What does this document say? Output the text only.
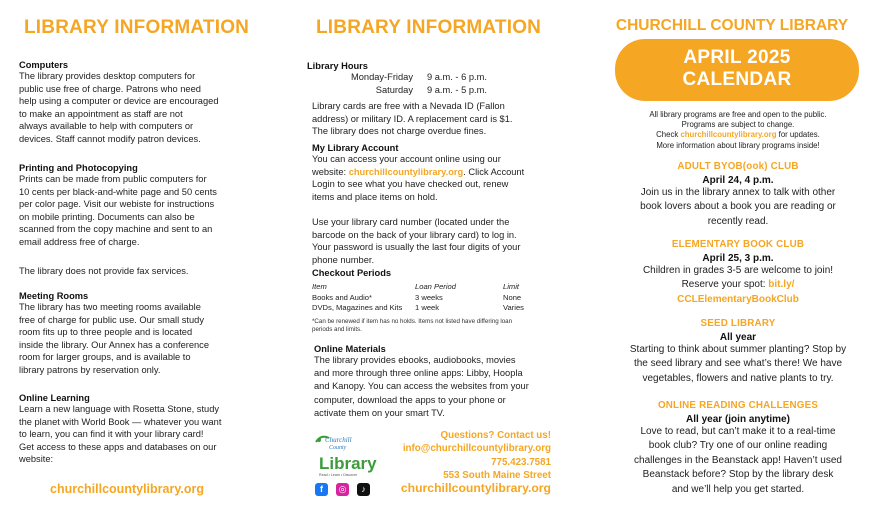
LIBRARY INFORMATION
Computers
The library provides desktop computers for
public use free of charge. Patrons who need
help using a computer or device are encouraged
to make an appointment as staff are not
always available to help with computers or
devices. Staff cannot modify patron devices.
Printing and Photocopying
Prints can be made from public computers for
10 cents per black-and-white page and 50 cents
per color page. Visit our webiste for instructions
on mobile printing. Documents can also be
scanned from the copy machine and sent to an
email address free of charge.
The library does not provide fax services.
Meeting Rooms
The library has two meeting rooms available
free of charge for public use. Our small study
room fits up to three people and is located
inside the library. Our Annex has a conference
room for larger groups, and is available to
library patrons by reservation only.
Online Learning
Learn a new language with Rosetta Stone, study
the planet with World Book — whatever you want
to learn, you can find it with your library card!
Get access to these apps and databases on our
website:
churchillcountylibrary.org
LIBRARY INFORMATION
Library Hours
Monday-Friday	9 a.m. - 6 p.m.
Saturday	9 a.m. - 5 p.m.
Library cards are free with a Nevada ID (Fallon
address) or military ID. A replacement card is $1.
The library does not charge overdue fines.
My Library Account
You can access your account online using our
website: churchillcountylibrary.org. Click Account
Login to see what you have checked out, renew
items and place items on hold.
Use your library card number (located under the
barcode on the back of your library card) to log in.
Your password is usually the last four digits of your
phone number.
Checkout Periods
Item	Loan Period	Limit
Books and Audio*	3 weeks	None
DVDs, Magazines and Kits	1 week	Varies
*Can be renewed if item has no holds. Items not listed have differing loan
periods and limits.
Online Materials
The library provides ebooks, audiobooks, movies
and more through three online apps: Libby, Hoopla
and Kanopy. You can access the websites from your
computer, download the apps to your phone or
activate them on your smart TV.
Churchill
County
Library
Read • Learn • Discover
f	◎	♪
Questions? Contact us!
info@churchillcountylibrary.org
775.423.7581
553 South Maine Street
churchillcountylibrary.org
CHURCHILL COUNTY LIBRARY
APRIL 2025
CALENDAR
All library programs are free and open to the public.
Programs are subject to change.
Check churchillcountylibrary.org for updates.
More information about library programs inside!
ADULT BYOB(ook) CLUB
April 24, 4 p.m.
Join us in the library annex to talk with other
book lovers about a book you are reading or
recently read.
ELEMENTARY BOOK CLUB
April 25, 3 p.m.
Children in grades 3-5 are welcome to join!
Reserve your spot: bit.ly/
CCLElementaryBookClub
SEED LIBRARY
All year
Starting to think about summer planting? Stop by
the seed library and see what’s there! We have
vegetables, flowers and native plants to try.
ONLINE READING CHALLENGES
All year (join anytime)
Love to read, but can’t make it to a real-time
book club? Try one of our online reading
challenges in the Beanstack app! Haven’t used
Beanstack before? Stop by the library desk
and we’ll help you get started.
